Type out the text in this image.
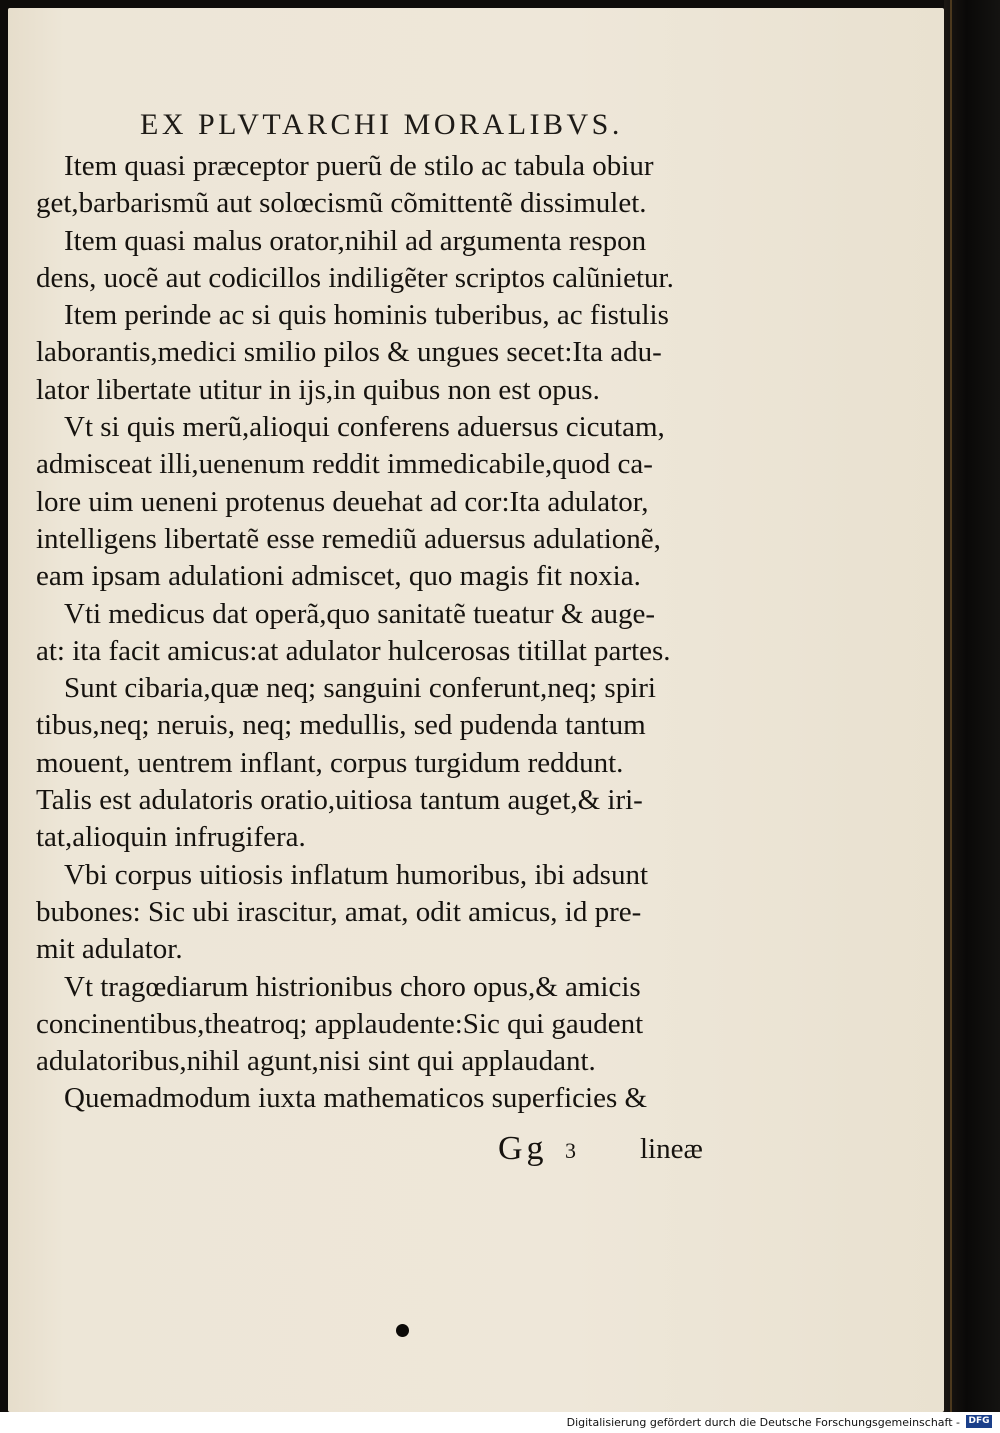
EX PLVTARCHI MORALIBVS.
Item quasi præceptor puerũ de stilo ac tabula obiur
get,barbarismũ aut solœcismũ cõmittentẽ dissimulet.
Item quasi malus orator,nihil ad argumenta respon
dens, uocẽ aut codicillos indiligẽter scriptos calũnietur.
Item perinde ac si quis hominis tuberibus, ac fistulis
laborantis,medici smilio pilos & ungues secet:Ita adu-
lator libertate utitur in ijs,in quibus non est opus.
Vt si quis merũ,alioqui conferens aduersus cicutam,
admisceat illi,uenenum reddit immedicabile,quod ca-
lore uim ueneni protenus deuehat ad cor:Ita adulator,
intelligens libertatẽ esse remediũ aduersus adulationẽ,
eam ipsam adulationi admiscet, quo magis fit noxia.
Vti medicus dat operã,quo sanitatẽ tueatur & auge-
at: ita facit amicus:at adulator hulcerosas titillat partes.
Sunt cibaria,quæ neq; sanguini conferunt,neq; spiri
tibus,neq; neruis, neq; medullis, sed pudenda tantum
mouent, uentrem inflant, corpus turgidum reddunt.
Talis est adulatoris oratio,uitiosa tantum auget,& iri-
tat,alioquin infrugifera.
Vbi corpus uitiosis inflatum humoribus, ibi adsunt
bubones: Sic ubi irascitur, amat, odit amicus, id pre-
mit adulator.
Vt tragœdiarum histrionibus choro opus,& amicis
concinentibus,theatroq; applaudente:Sic qui gaudent
adulatoribus,nihil agunt,nisi sint qui applaudant.
Quemadmodum iuxta mathematicos superficies &
Gg 3 lineæ
Digitalisierung gefördert durch die Deutsche Forschungsgemeinschaft - DFG
